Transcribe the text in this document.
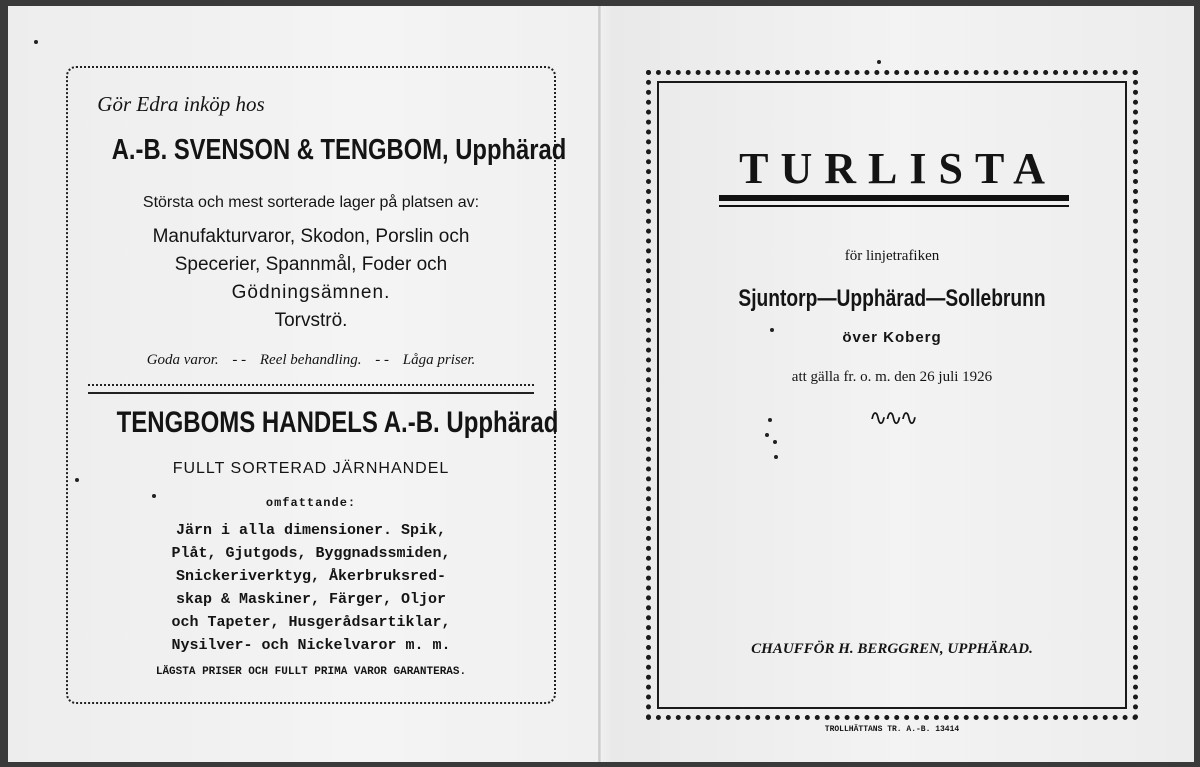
Gör Edra inköp hos
A.-B. SVENSON & TENGBOM, Upphärad
Största och mest sorterade lager på platsen av:
Manufakturvaror, Skodon, Porslin och
Specerier, Spannmål, Foder och
Gödningsämnen.
Torvströ.
Goda varor. - - Reel behandling. - - Låga priser.
TENGBOMS HANDELS A.-B. Upphärad
FULLT SORTERAD JÄRNHANDEL
omfattande:
Järn i alla dimensioner. Spik,
Plåt, Gjutgods, Byggnadssmiden,
Snickeriverktyg, Åkerbruksred-
skap & Maskiner, Färger, Oljor
och Tapeter, Husgerådsartiklar,
Nysilver- och Nickelvaror m. m.
LÄGSTA PRISER OCH FULLT PRIMA VAROR GARANTERAS.
TURLISTA
för linjetrafiken
Sjuntorp—Upphärad—Sollebrunn
över Koberg
att gälla fr. o. m. den 26 juli 1926
∿∿∿
CHAUFFÖR H. BERGGREN, UPPHÄRAD.
TROLLHÄTTANS TR. A.-B. 13414
